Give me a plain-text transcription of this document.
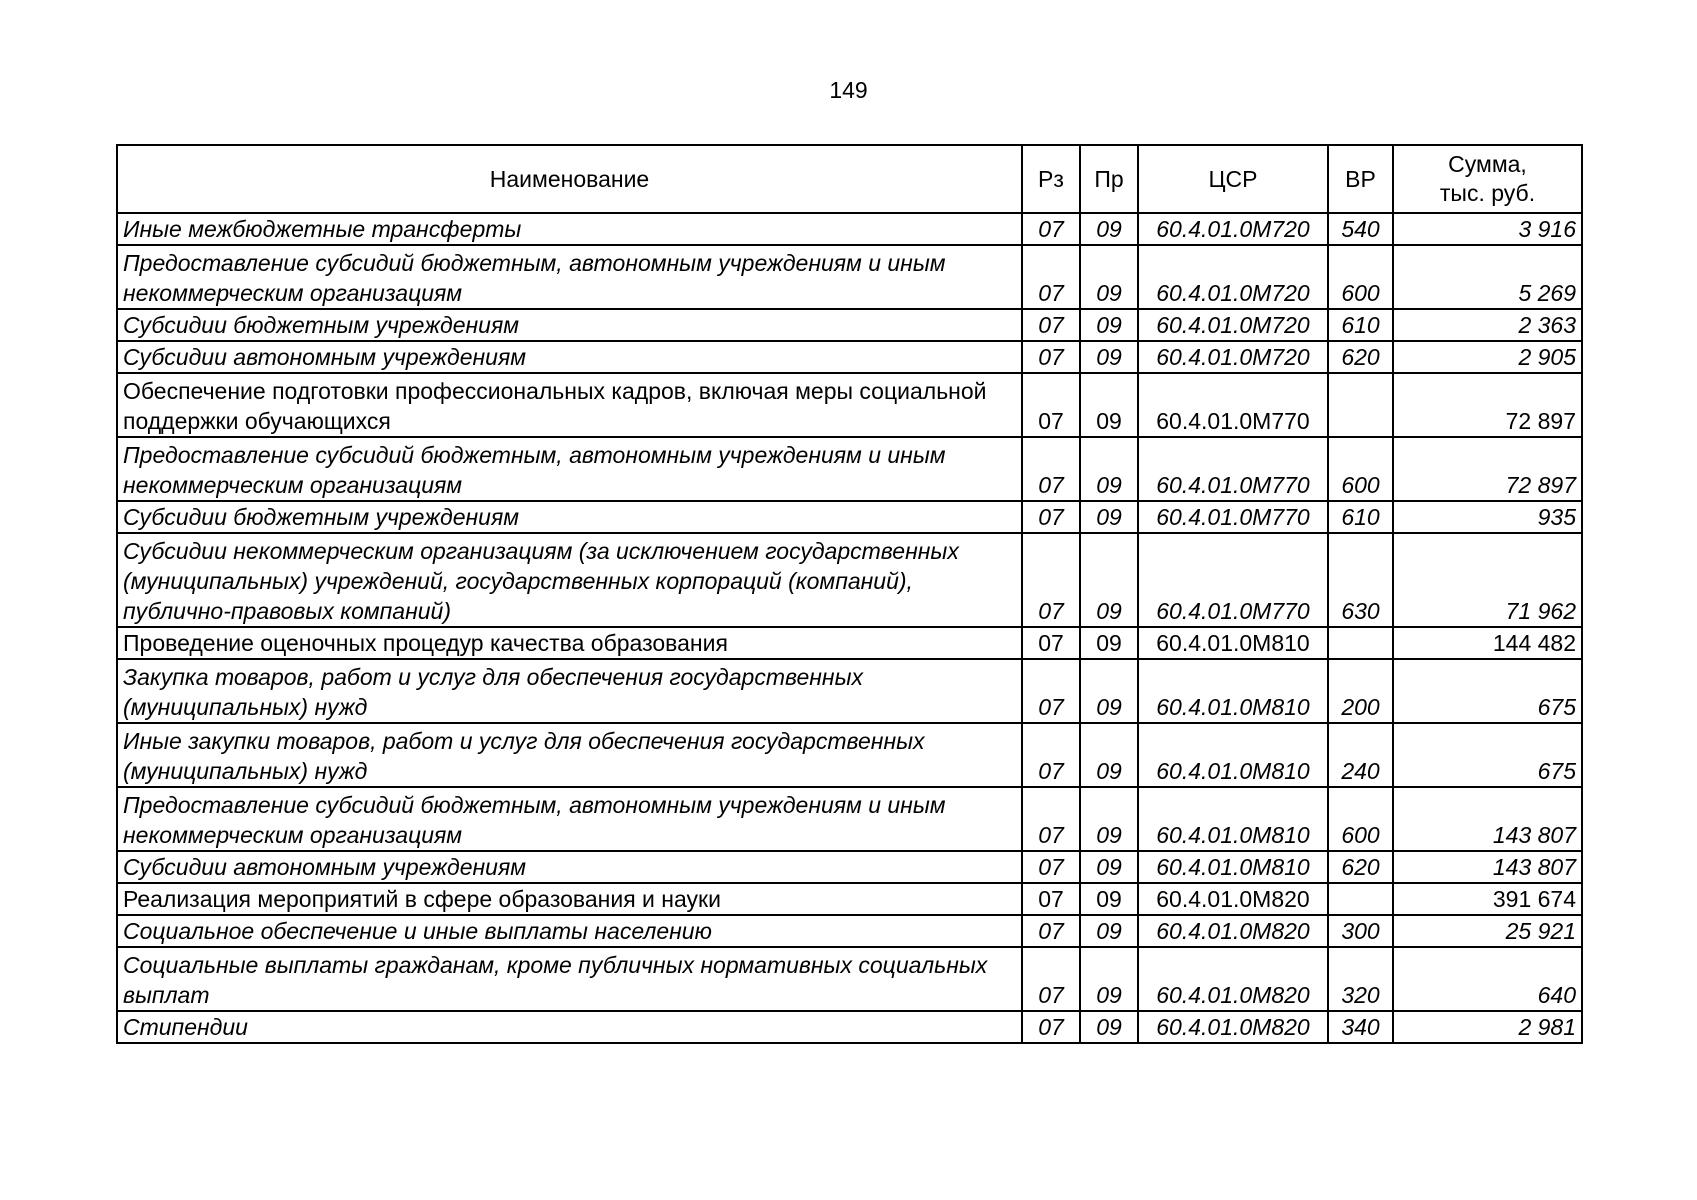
149
Наименование	Рз	Пр	ЦСР	ВР	Сумма,
тыс. руб.
Иные межбюджетные трансферты	07	09	60.4.01.0М720	540	3 916
Предоставление субсидий бюджетным, автономным учреждениям и иным некоммерческим организациям	07	09	60.4.01.0М720	600	5 269
Субсидии бюджетным учреждениям	07	09	60.4.01.0М720	610	2 363
Субсидии автономным учреждениям	07	09	60.4.01.0М720	620	2 905
Обеспечение подготовки профессиональных кадров, включая меры социальной поддержки обучающихся	07	09	60.4.01.0М770		72 897
Предоставление субсидий бюджетным, автономным учреждениям и иным некоммерческим организациям	07	09	60.4.01.0М770	600	72 897
Субсидии бюджетным учреждениям	07	09	60.4.01.0М770	610	935
Субсидии некоммерческим организациям (за исключением государственных (муниципальных) учреждений, государственных корпораций (компаний), публично-правовых компаний)	07	09	60.4.01.0М770	630	71 962
Проведение оценочных процедур качества образования	07	09	60.4.01.0М810		144 482
Закупка товаров, работ и услуг для обеспечения государственных (муниципальных) нужд	07	09	60.4.01.0М810	200	675
Иные закупки товаров, работ и услуг для обеспечения государственных (муниципальных) нужд	07	09	60.4.01.0М810	240	675
Предоставление субсидий бюджетным, автономным учреждениям и иным некоммерческим организациям	07	09	60.4.01.0М810	600	143 807
Субсидии автономным учреждениям	07	09	60.4.01.0М810	620	143 807
Реализация мероприятий в сфере образования и науки	07	09	60.4.01.0М820		391 674
Социальное обеспечение и иные выплаты населению	07	09	60.4.01.0М820	300	25 921
Социальные выплаты гражданам, кроме публичных нормативных социальных выплат	07	09	60.4.01.0М820	320	640
Стипендии	07	09	60.4.01.0М820	340	2 981
